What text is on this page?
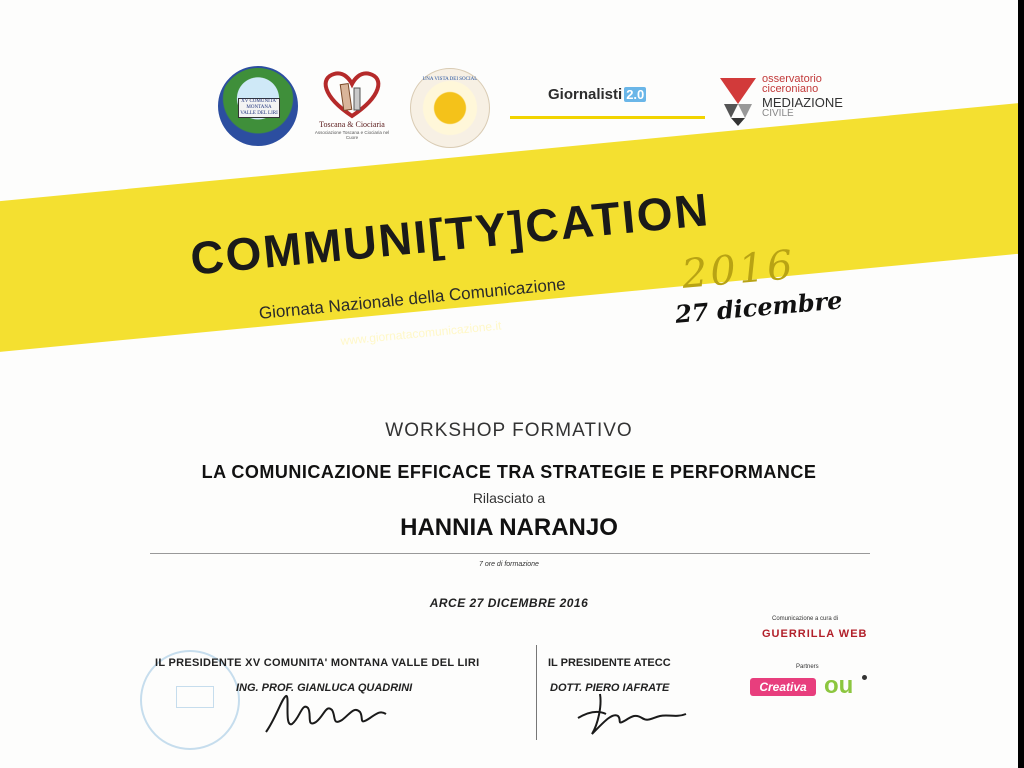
XV COMUNITA' MONTANA VALLE DEL LIRI
Toscana & Ciociaria
Associazione Toscana e Ciociaria nel Cuore
UNA VISTA DEI SOCIAL
Giornalisti 2.0
osservatorio
ciceroniano
MEDIAZIONE
CIVILE
COMMUNI[TY]CATION
Giornata Nazionale della Comunicazione
www.giornatacomunicazione.it
2016
27 dicembre
WORKSHOP FORMATIVO
LA COMUNICAZIONE EFFICACE TRA STRATEGIE E PERFORMANCE
Rilasciato a
HANNIA NARANJO
7 ore di formazione
ARCE 27 DICEMBRE 2016
IL PRESIDENTE XV COMUNITA' MONTANA VALLE DEL LIRI
ING. PROF. GIANLUCA QUADRINI
IL PRESIDENTE ATECC
DOTT. PIERO IAFRATE
Comunicazione a cura di
GUERRILLA WEB
Partners
Creativa ou
